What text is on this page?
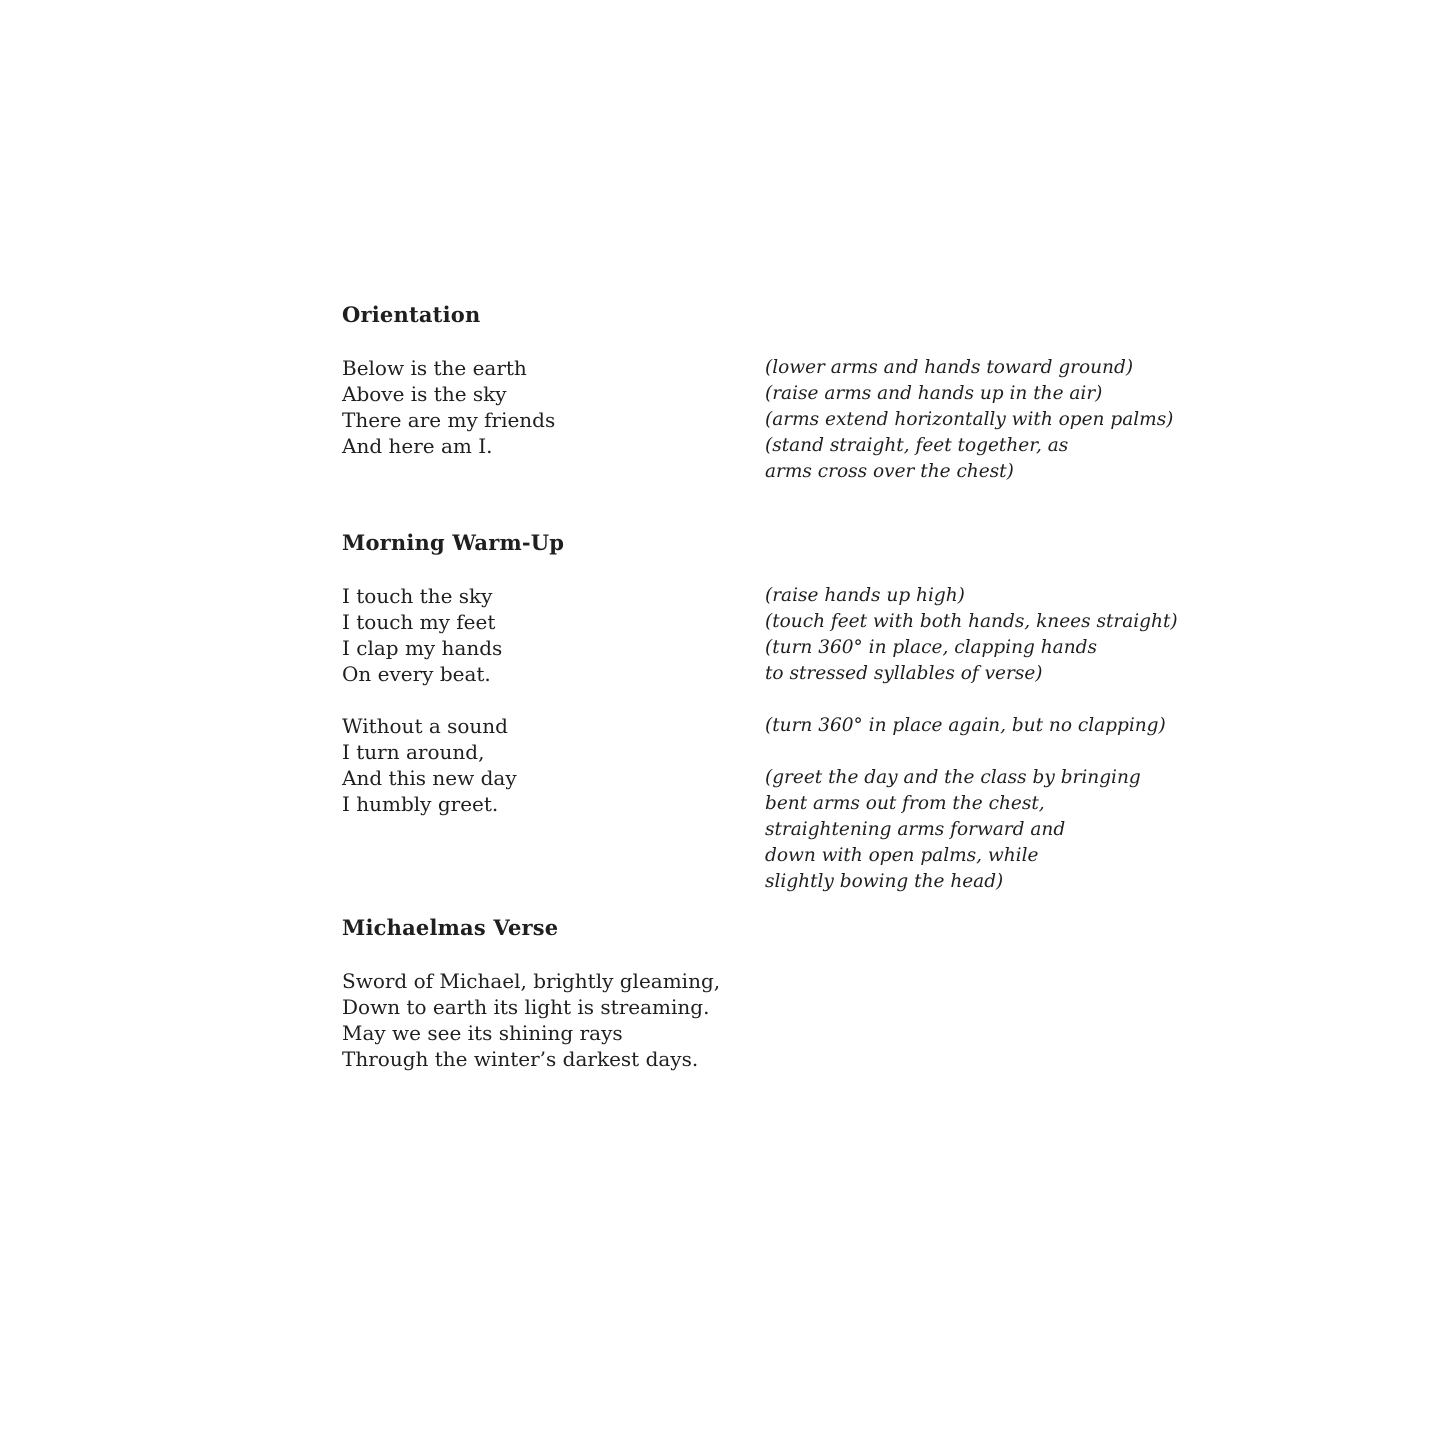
Orientation
Below is the earth
Above is the sky
There are my friends
And here am I.
(lower arms and hands toward ground)
(raise arms and hands up in the air)
(arms extend horizontally with open palms)
(stand straight, feet together, as
arms cross over the chest)
Morning Warm-Up
I touch the sky
I touch my feet
I clap my hands
On every beat.
(raise hands up high)
(touch feet with both hands, knees straight)
(turn 360° in place, clapping hands
to stressed syllables of verse)
Without a sound
I turn around,
And this new day
I humbly greet.
(turn 360° in place again, but no clapping)
(greet the day and the class by bringing
bent arms out from the chest,
straightening arms forward and
down with open palms, while
slightly bowing the head)
Michaelmas Verse
Sword of Michael, brightly gleaming,
Down to earth its light is streaming.
May we see its shining rays
Through the winter’s darkest days.
